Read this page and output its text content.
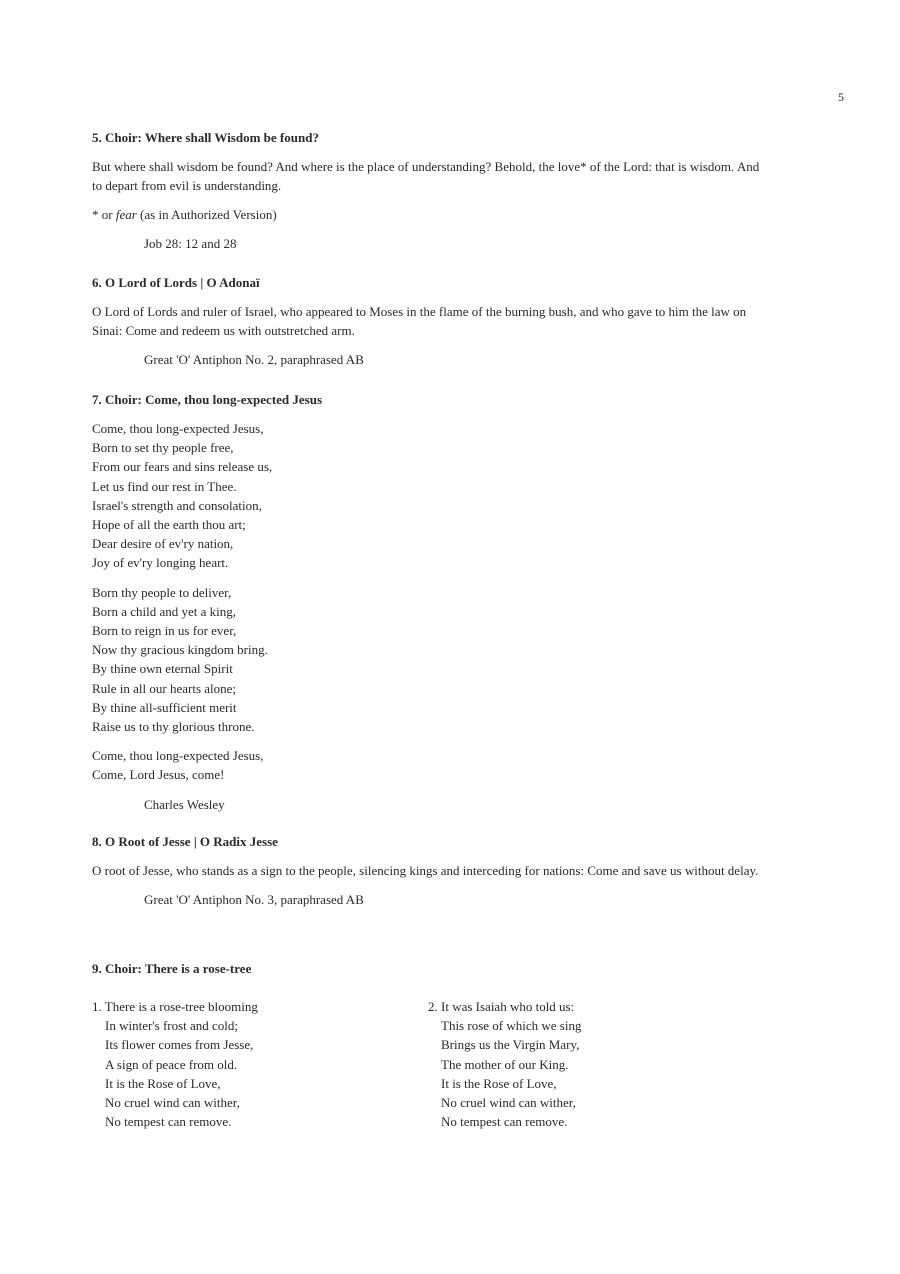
5

5. Choir: Where shall Wisdom be found?

But where shall wisdom be found? And where is the place of understanding? Behold, the love* of the Lord: that is wisdom. And to depart from evil is understanding.

* or fear (as in Authorized Version)

Job 28: 12 and 28

6. O Lord of Lords | O Adonaï

O Lord of Lords and ruler of Israel, who appeared to Moses in the flame of the burning bush, and who gave to him the law on Sinai: Come and redeem us with outstretched arm.

Great 'O' Antiphon No. 2, paraphrased AB

7. Choir: Come, thou long-expected Jesus

Come, thou long-expected Jesus,
Born to set thy people free,
From our fears and sins release us,
Let us find our rest in Thee.
Israel's strength and consolation,
Hope of all the earth thou art;
Dear desire of ev'ry nation,
Joy of ev'ry longing heart.
Born thy people to deliver,
Born a child and yet a king,
Born to reign in us for ever,
Now thy gracious kingdom bring.
By thine own eternal Spirit
Rule in all our hearts alone;
By thine all-sufficient merit
Raise us to thy glorious throne.
Come, thou long-expected Jesus,
Come, Lord Jesus, come!

Charles Wesley

8. O Root of Jesse | O Radix Jesse

O root of Jesse, who stands as a sign to the people, silencing kings and interceding for nations: Come and save us without delay.

Great 'O' Antiphon No. 3, paraphrased AB

9. Choir: There is a rose-tree

1. There is a rose-tree blooming
In winter's frost and cold;
Its flower comes from Jesse,
A sign of peace from old.
It is the Rose of Love,
No cruel wind can wither,
No tempest can remove.
2. It was Isaiah who told us:
This rose of which we sing
Brings us the Virgin Mary,
The mother of our King.
It is the Rose of Love,
No cruel wind can wither,
No tempest can remove.
